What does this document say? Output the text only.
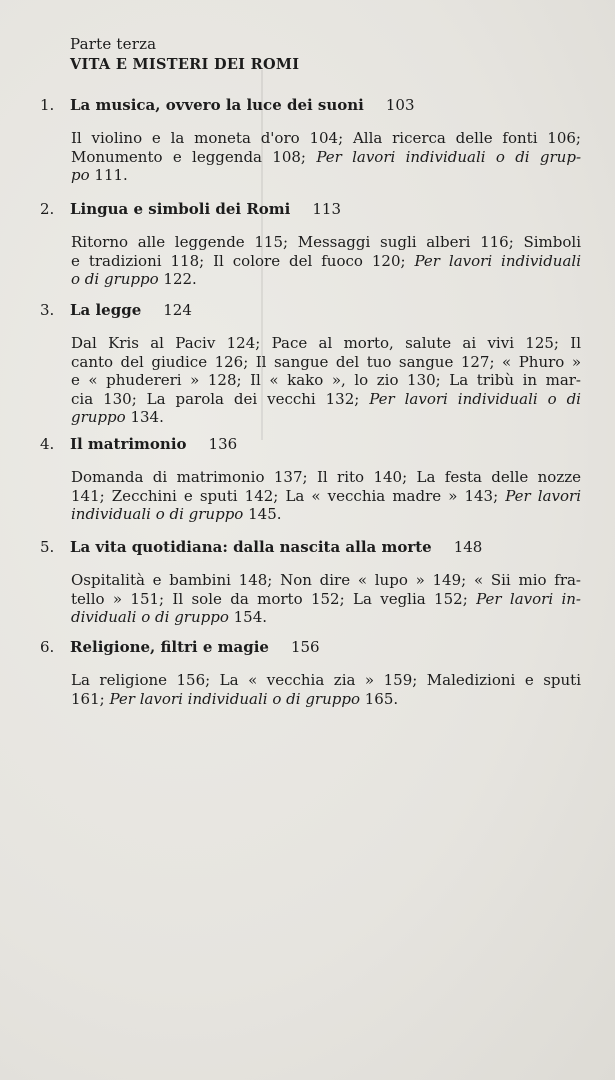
Parte terza
VITA E MISTERI DEI ROMI
1. La musica, ovvero la luce dei suoni 103
Il violino e la moneta d'oro 104; Alla ricerca delle fonti 106;
Monumento e leggenda 108; Per lavori individuali o di grup-
po 111.
2. Lingua e simboli dei Romi 113
Ritorno alle leggende 115; Messaggi sugli alberi 116; Simboli
e tradizioni 118; Il colore del fuoco 120; Per lavori individuali
o di gruppo 122.
3. La legge 124
Dal Kris al Paciv 124; Pace al morto, salute ai vivi 125; Il
canto del giudice 126; Il sangue del tuo sangue 127; « Phuro »
e « phudereri » 128; Il « kako », lo zio 130; La tribù in mar-
cia 130; La parola dei vecchi 132; Per lavori individuali o di
gruppo 134.
4. Il matrimonio 136
Domanda di matrimonio 137; Il rito 140; La festa delle nozze
141; Zecchini e sputi 142; La « vecchia madre » 143; Per lavori
individuali o di gruppo 145.
5. La vita quotidiana: dalla nascita alla morte 148
Ospitalità e bambini 148; Non dire « lupo » 149; « Sii mio fra-
tello » 151; Il sole da morto 152; La veglia 152; Per lavori in-
dividuali o di gruppo 154.
6. Religione, filtri e magie 156
La religione 156; La « vecchia zia » 159; Maledizioni e sputi
161; Per lavori individuali o di gruppo 165.
